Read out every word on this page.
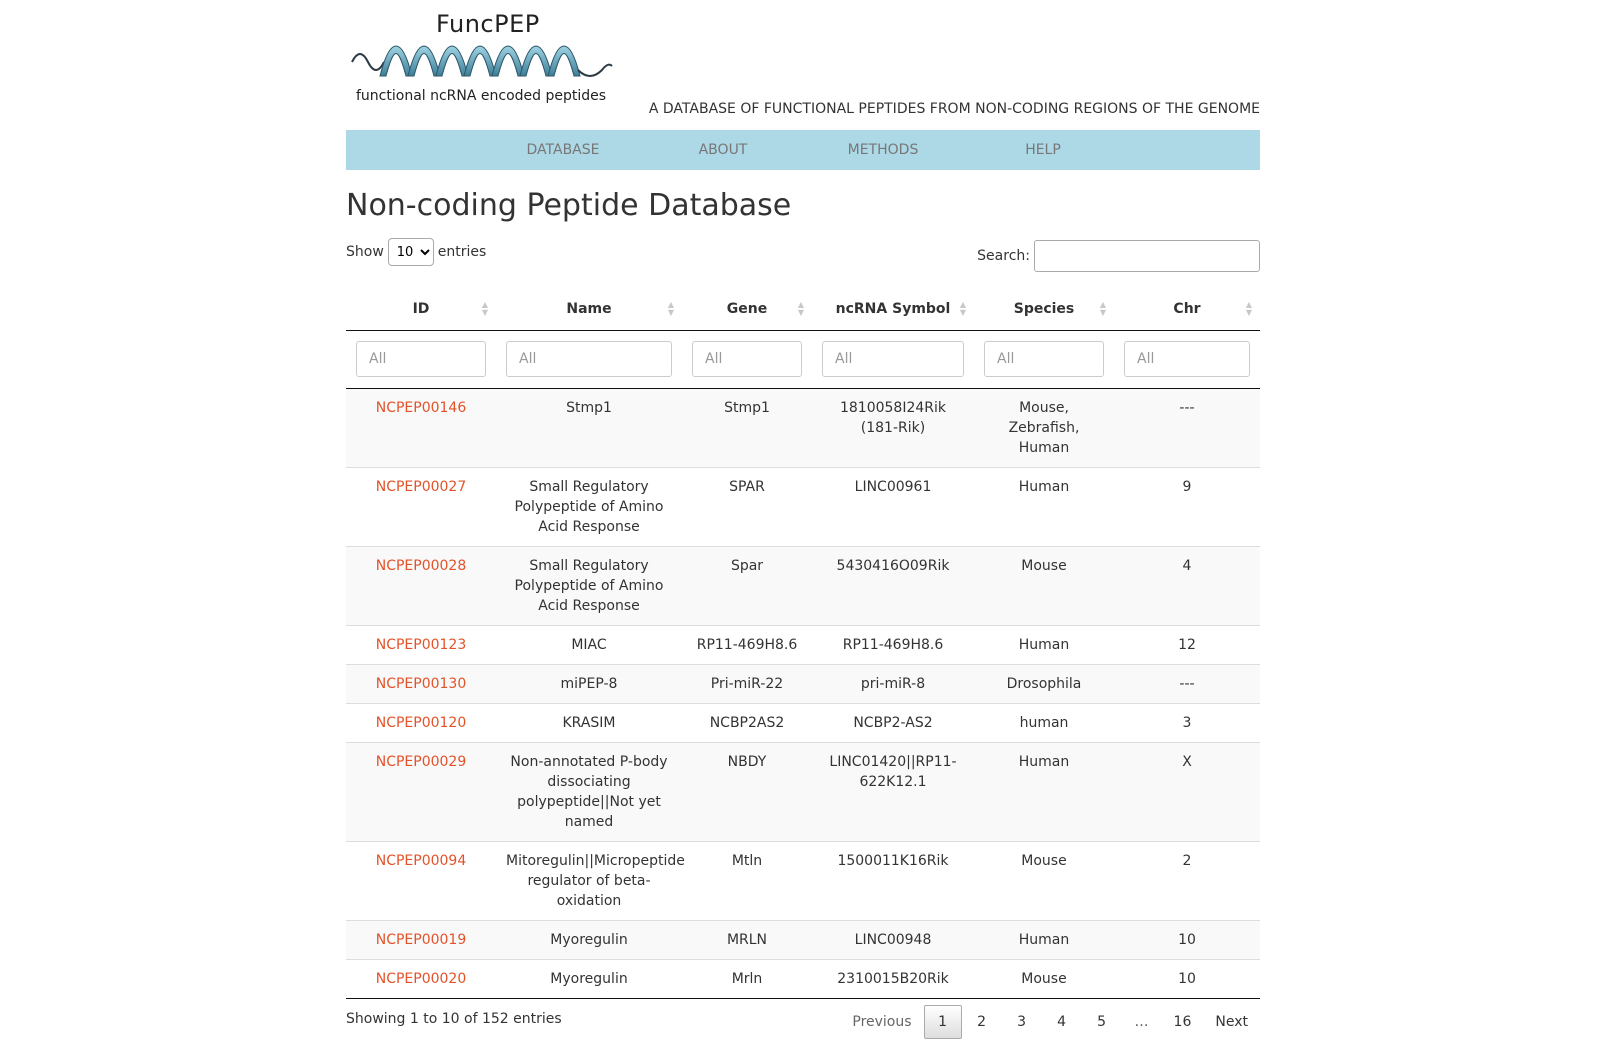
FuncPEP
functional ncRNA encoded peptides
A DATABASE OF FUNCTIONAL PEPTIDES FROM NON-CODING REGIONS OF THE GENOME
DATABASE	ABOUT	METHODS	HELP
Non-coding Peptide Database
Show
10	entries	Search:
ID ▲
▼	Name ▲
▼	Gene ▲
▼	ncRNA Symbol ▲
▼	Species ▲
▼	Chr ▲
▼

All	All	All	All	All	All
NCPEP00146	Stmp1	Stmp1	1810058I24Rik (181-Rik)	Mouse, Zebrafish, Human	---
NCPEP00027	Small Regulatory Polypeptide of Amino Acid Response	SPAR	LINC00961	Human	9
NCPEP00028	Small Regulatory Polypeptide of Amino Acid Response	Spar	5430416O09Rik	Mouse	4
NCPEP00123	MIAC	RP11-469H8.6	RP11-469H8.6	Human	12
NCPEP00130	miPEP-8	Pri-miR-22	pri-miR-8	Drosophila	---
NCPEP00120	KRASIM	NCBP2AS2	NCBP2-AS2	human	3
NCPEP00029	Non-annotated P-body dissociating polypeptide||Not yet named	NBDY	LINC01420||RP11-622K12.1	Human	X
NCPEP00094	Mitoregulin||Micropeptide regulator of beta-oxidation	Mtln	1500011K16Rik	Mouse	2
NCPEP00019	Myoregulin	MRLN	LINC00948	Human	10
NCPEP00020	Myoregulin	Mrln	2310015B20Rik	Mouse	10
Showing 1 to 10 of 152 entries	Previous	1	2	3	4	5	…	16	Next
